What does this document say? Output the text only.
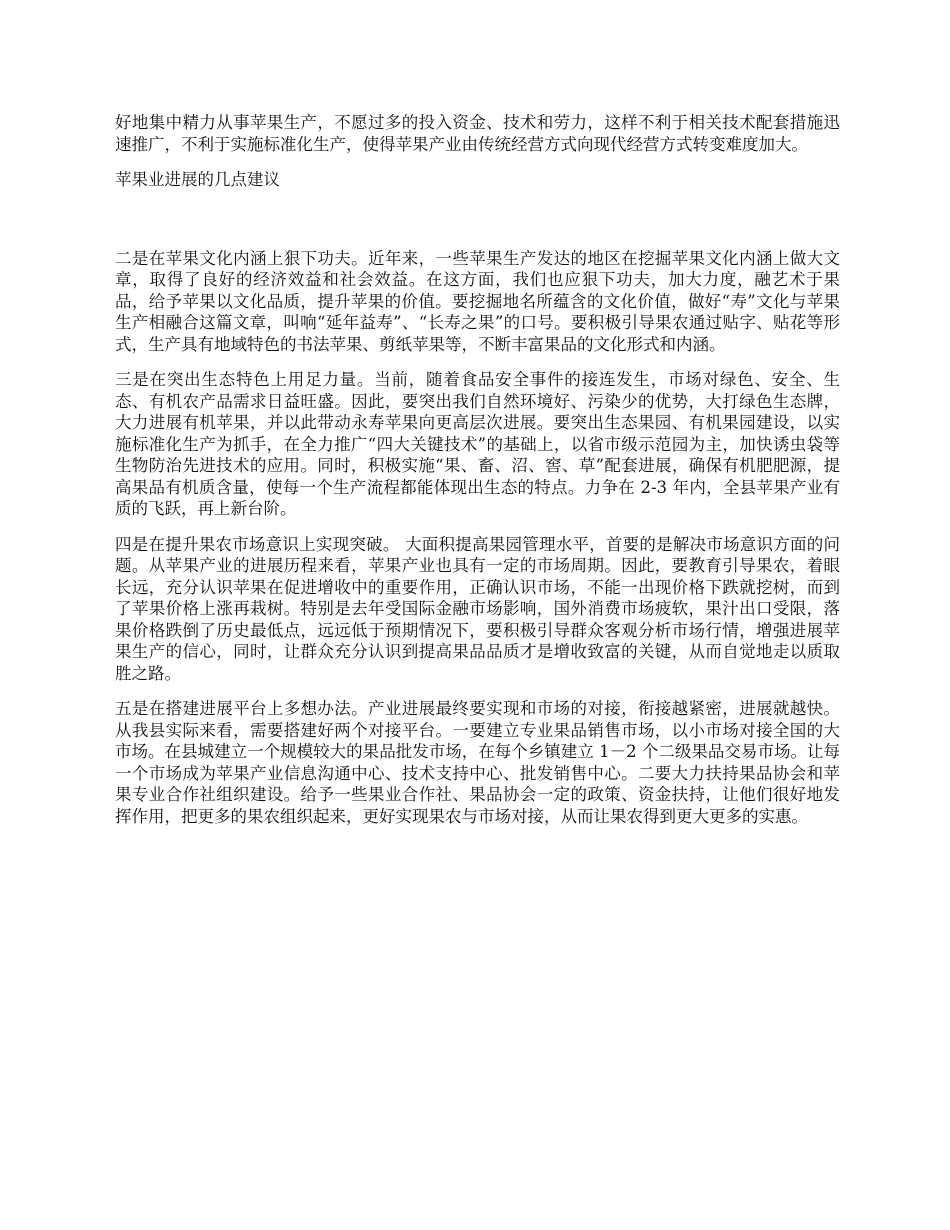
好地集中精力从事苹果生产，不愿过多的投入资金、技术和劳力，这样不利于相关技术配套措施迅速推广，不利于实施标准化生产，使得苹果产业由传统经营方式向现代经营方式转变难度加大。

苹果业进展的几点建议

二是在苹果文化内涵上狠下功夫。近年来，一些苹果生产发达的地区在挖掘苹果文化内涵上做大文章，取得了良好的经济效益和社会效益。在这方面，我们也应狠下功夫，加大力度，融艺术于果品，给予苹果以文化品质，提升苹果的价值。要挖掘地名所蕴含的文化价值，做好“寿”文化与苹果生产相融合这篇文章，叫响“延年益寿”、“长寿之果”的口号。要积极引导果农通过贴字、贴花等形式，生产具有地域特色的书法苹果、剪纸苹果等，不断丰富果品的文化形式和内涵。

三是在突出生态特色上用足力量。当前，随着食品安全事件的接连发生，市场对绿色、安全、生态、有机农产品需求日益旺盛。因此，要突出我们自然环境好、污染少的优势，大打绿色生态牌，大力进展有机苹果，并以此带动永寿苹果向更高层次进展。要突出生态果园、有机果园建设，以实施标准化生产为抓手，在全力推广“四大关键技术”的基础上，以省市级示范园为主，加快诱虫袋等生物防治先进技术的应用。同时，积极实施“果、畜、沼、窖、草”配套进展，确保有机肥肥源，提高果品有机质含量，使每一个生产流程都能体现出生态的特点。力争在 2-3 年内，全县苹果产业有质的飞跃，再上新台阶。

四是在提升果农市场意识上实现突破。 大面积提高果园管理水平，首要的是解决市场意识方面的问题。从苹果产业的进展历程来看，苹果产业也具有一定的市场周期。因此，要教育引导果农，着眼长远，充分认识苹果在促进增收中的重要作用，正确认识市场，不能一出现价格下跌就挖树，而到了苹果价格上涨再栽树。特别是去年受国际金融市场影响，国外消费市场疲软，果汁出口受限，落果价格跌倒了历史最低点，远远低于预期情况下，要积极引导群众客观分析市场行情，增强进展苹果生产的信心，同时，让群众充分认识到提高果品品质才是增收致富的关键，从而自觉地走以质取胜之路。

五是在搭建进展平台上多想办法。产业进展最终要实现和市场的对接，衔接越紧密，进展就越快。从我县实际来看，需要搭建好两个对接平台。一要建立专业果品销售市场，以小市场对接全国的大市场。在县城建立一个规模较大的果品批发市场，在每个乡镇建立 1－2 个二级果品交易市场。让每一个市场成为苹果产业信息沟通中心、技术支持中心、批发销售中心。二要大力扶持果品协会和苹果专业合作社组织建设。给予一些果业合作社、果品协会一定的政策、资金扶持，让他们很好地发挥作用，把更多的果农组织起来，更好实现果农与市场对接，从而让果农得到更大更多的实惠。
